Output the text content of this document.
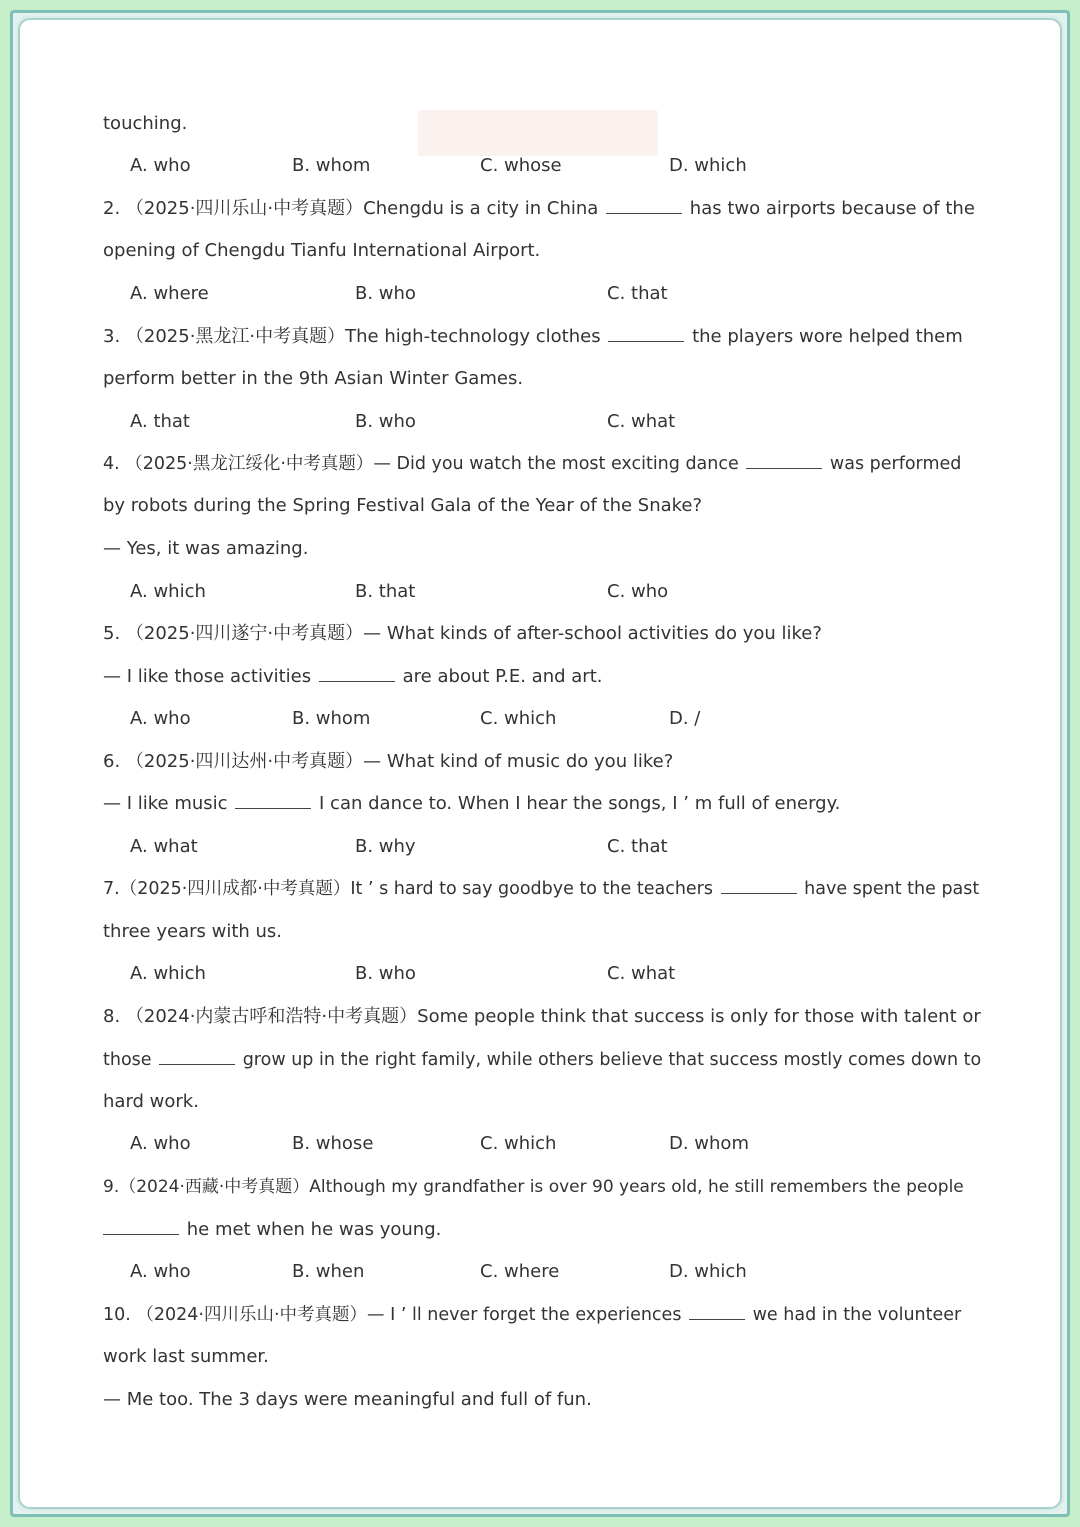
touching.
A. who	B. whom	C. whose	D. which
2. （2025·四川乐山·中考真题）Chengdu is a city in China	has two airports because of the
opening of Chengdu Tianfu International Airport.
A. where	B. who	C. that
3. （2025·黑龙江·中考真题）The high-technology clothes	the players wore helped them
perform better in the 9th Asian Winter Games.
A. that	B. who	C. what
4. （2025·黑龙江绥化·中考真题）— Did you watch the most exciting dance	was performed
by robots during the Spring Festival Gala of the Year of the Snake?
— Yes, it was amazing.
A. which	B. that	C. who
5. （2025·四川遂宁·中考真题）— What kinds of after-school activities do you like?
— I like those activities	are about P.E. and art.
A. who	B. whom	C. which	D. /
6. （2025·四川达州·中考真题）— What kind of music do you like?
— I like music	I can dance to. When I hear the songs, I ’ m full of energy.
A. what	B. why	C. that
7.（2025·四川成都·中考真题）It ’ s hard to say goodbye to the teachers	have spent the past
three years with us.
A. which	B. who	C. what
8. （2024·内蒙古呼和浩特·中考真题）Some people think that success is only for those with talent or
those	grow up in the right family, while others believe that success mostly comes down to
hard work.
A. who	B. whose	C. which	D. whom
9.（2024·西藏·中考真题）Although my grandfather is over 90 years old, he still remembers the people
he met when he was young.
A. who	B. when	C. where	D. which
10. （2024·四川乐山·中考真题）— I ’ ll never forget the experiences	we had in the volunteer
work last summer.
— Me too. The 3 days were meaningful and full of fun.
